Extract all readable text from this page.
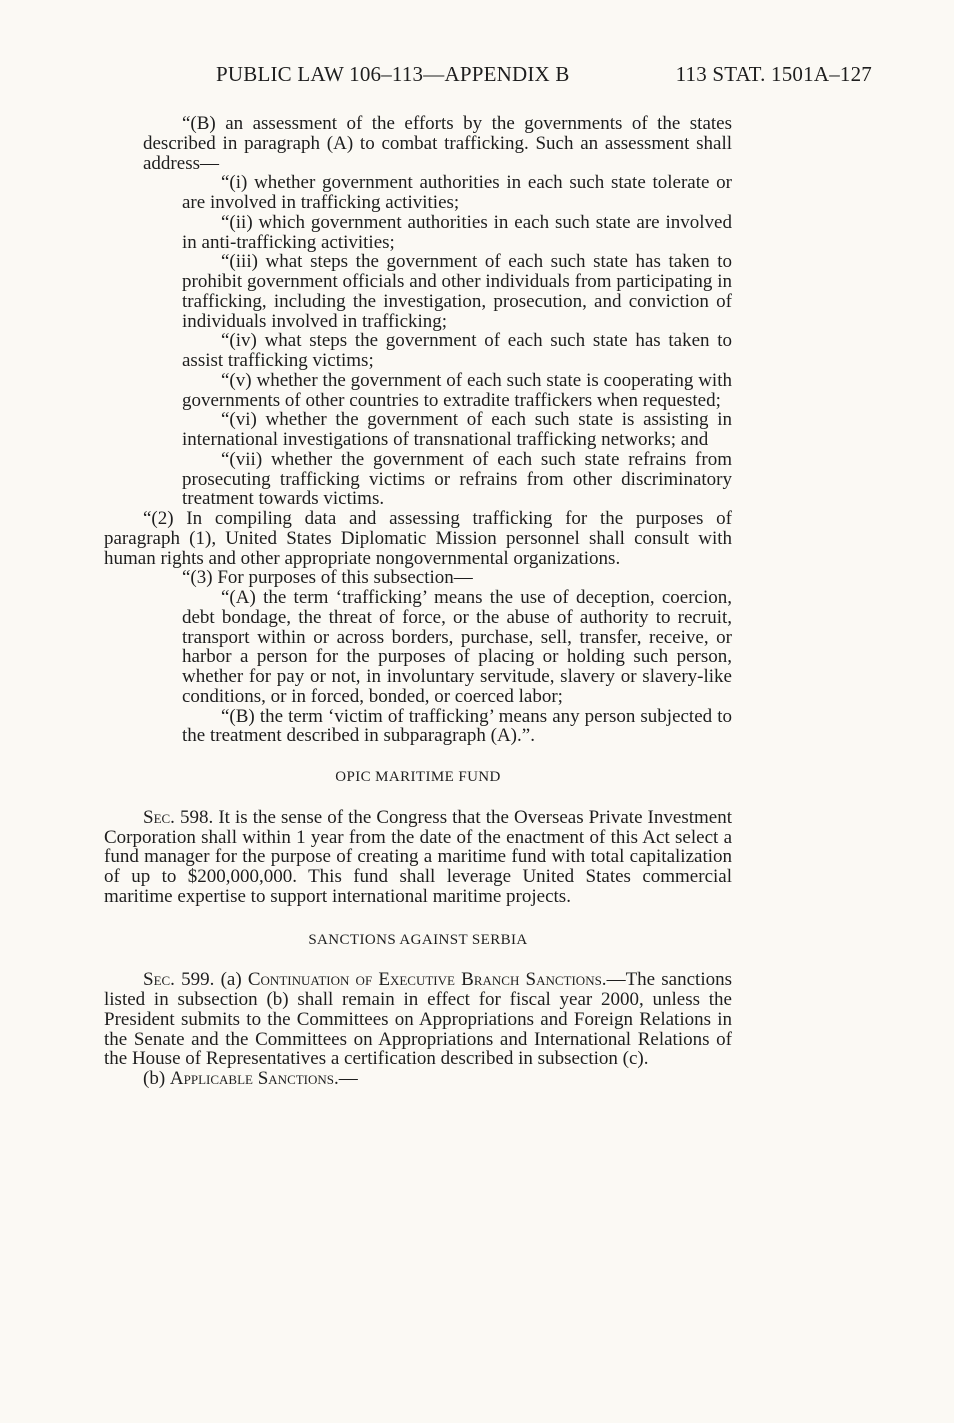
PUBLIC LAW 106–113—APPENDIX B	113 STAT. 1501A–127

“(B) an assessment of the efforts by the governments of the states described in paragraph (A) to combat trafficking. Such an assessment shall address—

“(i) whether government authorities in each such state tolerate or are involved in trafficking activities;

“(ii) which government authorities in each such state are involved in anti-trafficking activities;

“(iii) what steps the government of each such state has taken to prohibit government officials and other individuals from participating in trafficking, including the investigation, prosecution, and conviction of individuals involved in trafficking;

“(iv) what steps the government of each such state has taken to assist trafficking victims;

“(v) whether the government of each such state is cooperating with governments of other countries to extradite traffickers when requested;

“(vi) whether the government of each such state is assisting in international investigations of transnational trafficking networks; and

“(vii) whether the government of each such state refrains from prosecuting trafficking victims or refrains from other discriminatory treatment towards victims.

“(2) In compiling data and assessing trafficking for the purposes of paragraph (1), United States Diplomatic Mission personnel shall consult with human rights and other appropriate nongovernmental organizations.

“(3) For purposes of this subsection—

“(A) the term ‘trafficking’ means the use of deception, coercion, debt bondage, the threat of force, or the abuse of authority to recruit, transport within or across borders, purchase, sell, transfer, receive, or harbor a person for the purposes of placing or holding such person, whether for pay or not, in involuntary servitude, slavery or slavery-like conditions, or in forced, bonded, or coerced labor;

“(B) the term ‘victim of trafficking’ means any person subjected to the treatment described in subparagraph (A).”.

OPIC MARITIME FUND

Sec. 598. It is the sense of the Congress that the Overseas Private Investment Corporation shall within 1 year from the date of the enactment of this Act select a fund manager for the purpose of creating a maritime fund with total capitalization of up to $200,000,000. This fund shall leverage United States commercial maritime expertise to support international maritime projects.

SANCTIONS AGAINST SERBIA

Sec. 599. (a) Continuation of Executive Branch Sanctions.—The sanctions listed in subsection (b) shall remain in effect for fiscal year 2000, unless the President submits to the Committees on Appropriations and Foreign Relations in the Senate and the Committees on Appropriations and International Relations of the House of Representatives a certification described in subsection (c).

(b) Applicable Sanctions.—
